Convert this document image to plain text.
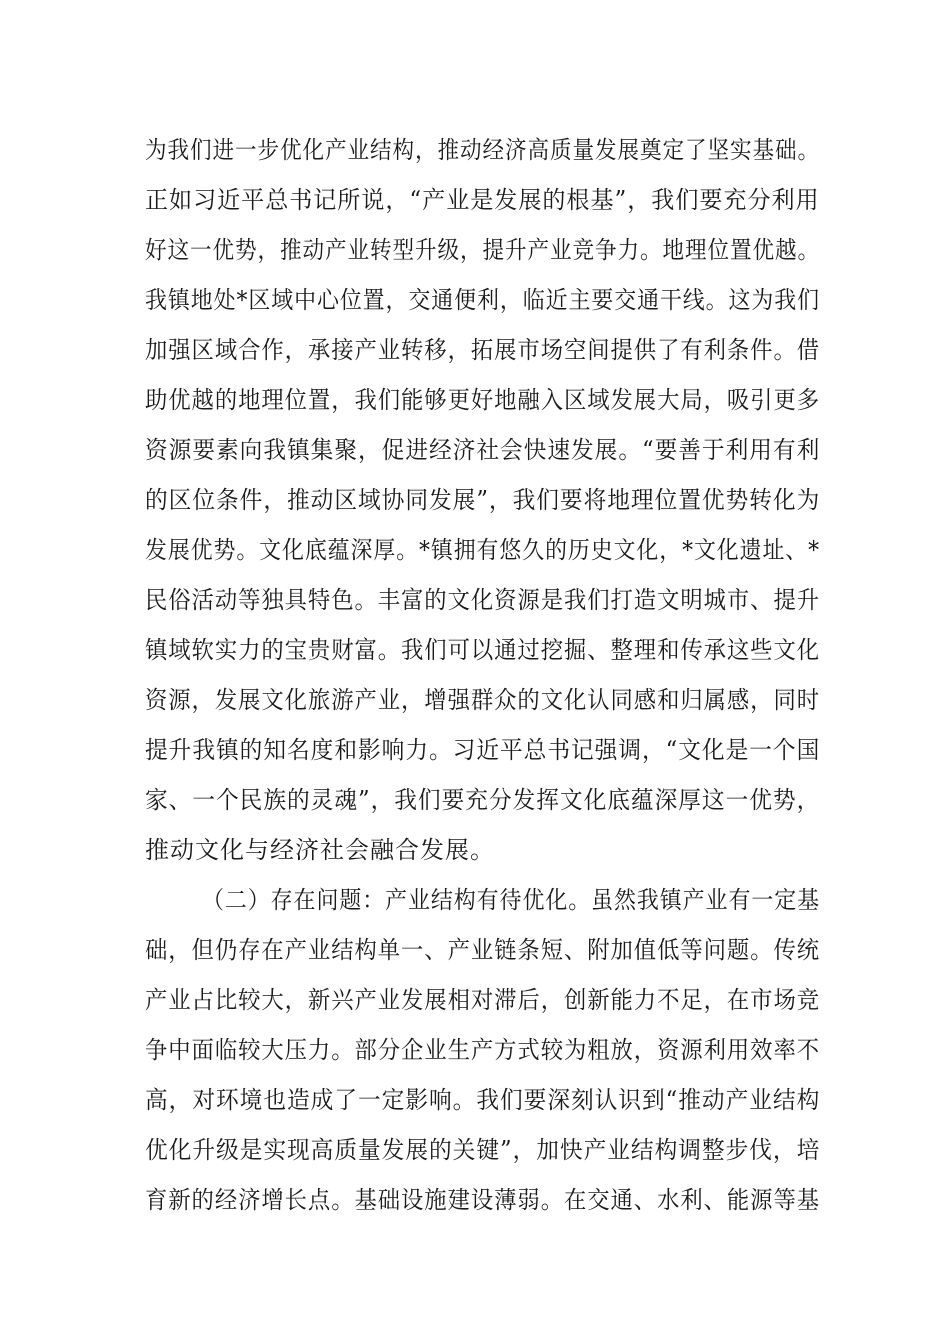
为我们进一步优化产业结构，推动经济高质量发展奠定了坚实基础。
正如习近平总书记所说，“产业是发展的根基”，我们要充分利用
好这一优势，推动产业转型升级，提升产业竞争力。地理位置优越。
我镇地处*区域中心位置，交通便利，临近主要交通干线。这为我们
加强区域合作，承接产业转移，拓展市场空间提供了有利条件。借
助优越的地理位置，我们能够更好地融入区域发展大局，吸引更多
资源要素向我镇集聚，促进经济社会快速发展。“要善于利用有利
的区位条件，推动区域协同发展”，我们要将地理位置优势转化为
发展优势。文化底蕴深厚。*镇拥有悠久的历史文化，*文化遗址、*
民俗活动等独具特色。丰富的文化资源是我们打造文明城市、提升
镇域软实力的宝贵财富。我们可以通过挖掘、整理和传承这些文化
资源，发展文化旅游产业，增强群众的文化认同感和归属感，同时
提升我镇的知名度和影响力。习近平总书记强调，“文化是一个国
家、一个民族的灵魂”，我们要充分发挥文化底蕴深厚这一优势，
推动文化与经济社会融合发展。
（二）存在问题：产业结构有待优化。虽然我镇产业有一定基
础，但仍存在产业结构单一、产业链条短、附加值低等问题。传统
产业占比较大，新兴产业发展相对滞后，创新能力不足，在市场竞
争中面临较大压力。部分企业生产方式较为粗放，资源利用效率不
高，对环境也造成了一定影响。我们要深刻认识到“推动产业结构
优化升级是实现高质量发展的关键”，加快产业结构调整步伐，培
育新的经济增长点。基础设施建设薄弱。在交通、水利、能源等基
